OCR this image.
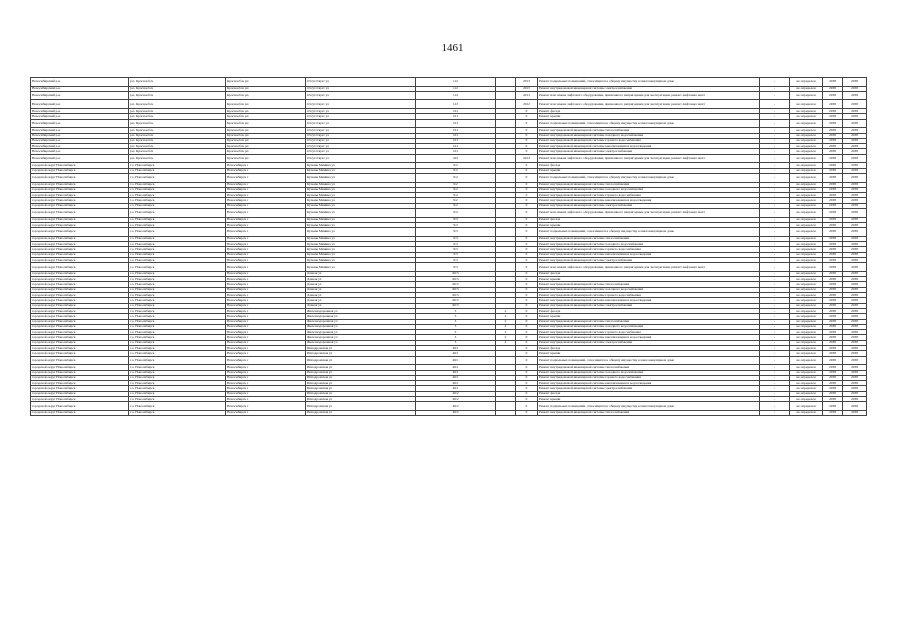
1461
Новосибирский р-н	р.п. Краснообск	Краснообск рп	Отсутствует ул	112		2013	Ремонт подвальных помещений, относящихся к общему имуществу в многоквартирном доме	-	не определен	2038	2038
Новосибирский р-н	р.п. Краснообск	Краснообск рп	Отсутствует ул	112		2013	Ремонт внутридомовой инженерной системы электроснабжения	-	не определен	2038	2038
Новосибирский р-н	р.п. Краснообск	Краснообск рп	Отсутствует ул	112		2013	Ремонт или замена лифтового оборудования, признанного непригодным для эксплуатации, ремонт лифтовых шахт	-	не определен	2038	2038
Новосибирский р-н	р.п. Краснообск	Краснообск рп	Отсутствует ул	113		2012	Ремонт или замена лифтового оборудования, признанного непригодным для эксплуатации, ремонт лифтовых шахт	-	не определен	2038	2038
Новосибирский р-н	р.п. Краснообск	Краснообск рп	Отсутствует ул	101		0	Ремонт фасада	-	не определен	2038	2038
Новосибирский р-н	р.п. Краснообск	Краснообск рп	Отсутствует ул	101		0	Ремонт крыши	-	не определен	2038	2038
Новосибирский р-н	р.п. Краснообск	Краснообск рп	Отсутствует ул	101		0	Ремонт подвальных помещений, относящихся к общему имуществу в многоквартирном доме	-	не определен	2038	2038
Новосибирский р-н	р.п. Краснообск	Краснообск рп	Отсутствует ул	101		0	Ремонт внутридомовой инженерной системы теплоснабжения	-	не определен	2038	2038
Новосибирский р-н	р.п. Краснообск	Краснообск рп	Отсутствует ул	101		0	Ремонт внутридомовой инженерной системы холодного водоснабжения	-	не определен	2038	2038
Новосибирский р-н	р.п. Краснообск	Краснообск рп	Отсутствует ул	101		0	Ремонт внутридомовой инженерной системы горячего водоснабжения	-	не определен	2038	2038
Новосибирский р-н	р.п. Краснообск	Краснообск рп	Отсутствует ул	101		0	Ремонт внутридомовой инженерной системы канализования и водоотведения	-	не определен	2038	2038
Новосибирский р-н	р.п. Краснообск	Краснообск рп	Отсутствует ул	101		0	Ремонт внутридомовой инженерной системы электроснабжения	-	не определен	2038	2038
Новосибирский р-н	р.п. Краснообск	Краснообск рп	Отсутствует ул	225		2012	Ремонт или замена лифтового оборудования, признанного непригодным для эксплуатации, ремонт лифтовых шахт	-	не определен	2038	2038
городской округ Новосибирск	г.о. Новосибирск	Новосибирск г	Кузьмы Минина ул	9/2		0	Ремонт фасада	-	не определен	2038	2038
городской округ Новосибирск	г.о. Новосибирск	Новосибирск г	Кузьмы Минина ул	9/2		0	Ремонт крыши	-	не определен	2038	2038
городской округ Новосибирск	г.о. Новосибирск	Новосибирск г	Кузьмы Минина ул	9/2		0	Ремонт подвальных помещений, относящихся к общему имуществу в многоквартирном доме	-	не определен	2038	2038
городской округ Новосибирск	г.о. Новосибирск	Новосибирск г	Кузьмы Минина ул	9/2		0	Ремонт внутридомовой инженерной системы теплоснабжения	-	не определен	2038	2038
городской округ Новосибирск	г.о. Новосибирск	Новосибирск г	Кузьмы Минина ул	9/2		0	Ремонт внутридомовой инженерной системы холодного водоснабжения	-	не определен	2038	2038
городской округ Новосибирск	г.о. Новосибирск	Новосибирск г	Кузьмы Минина ул	9/2		0	Ремонт внутридомовой инженерной системы горячего водоснабжения	-	не определен	2038	2038
городской округ Новосибирск	г.о. Новосибирск	Новосибирск г	Кузьмы Минина ул	9/2		0	Ремонт внутридомовой инженерной системы канализования и водоотведения	-	не определен	2038	2038
городской округ Новосибирск	г.о. Новосибирск	Новосибирск г	Кузьмы Минина ул	9/2		0	Ремонт внутридомовой инженерной системы электроснабжения	-	не определен	2038	2038
городской округ Новосибирск	г.о. Новосибирск	Новосибирск г	Кузьмы Минина ул	9/2		0	Ремонт или замена лифтового оборудования, признанного непригодным для эксплуатации, ремонт лифтовых шахт	-	не определен	2038	2038
городской округ Новосибирск	г.о. Новосибирск	Новосибирск г	Кузьмы Минина ул	9/3		0	Ремонт фасада	-	не определен	2038	2038
городской округ Новосибирск	г.о. Новосибирск	Новосибирск г	Кузьмы Минина ул	9/3		0	Ремонт крыши	-	не определен	2038	2038
городской округ Новосибирск	г.о. Новосибирск	Новосибирск г	Кузьмы Минина ул	9/3		0	Ремонт подвальных помещений, относящихся к общему имуществу в многоквартирном доме	-	не определен	2038	2038
городской округ Новосибирск	г.о. Новосибирск	Новосибирск г	Кузьмы Минина ул	9/3		0	Ремонт внутридомовой инженерной системы теплоснабжения	-	не определен	2038	2038
городской округ Новосибирск	г.о. Новосибирск	Новосибирск г	Кузьмы Минина ул	9/3		0	Ремонт внутридомовой инженерной системы холодного водоснабжения	-	не определен	2038	2038
городской округ Новосибирск	г.о. Новосибирск	Новосибирск г	Кузьмы Минина ул	9/3		0	Ремонт внутридомовой инженерной системы горячего водоснабжения	-	не определен	2038	2038
городской округ Новосибирск	г.о. Новосибирск	Новосибирск г	Кузьмы Минина ул	9/3		0	Ремонт внутридомовой инженерной системы канализования и водоотведения	-	не определен	2038	2038
городской округ Новосибирск	г.о. Новосибирск	Новосибирск г	Кузьмы Минина ул	9/3		0	Ремонт внутридомовой инженерной системы электроснабжения	-	не определен	2038	2038
городской округ Новосибирск	г.о. Новосибирск	Новосибирск г	Кузьмы Минина ул	9/3		0	Ремонт или замена лифтового оборудования, признанного непригодным для эксплуатации, ремонт лифтовых шахт	-	не определен	2038	2038
городской округ Новосибирск	г.о. Новосибирск	Новосибирск г	Дачная ул	66/3		0	Ремонт фасада	-	не определен	2038	2038
городской округ Новосибирск	г.о. Новосибирск	Новосибирск г	Дачная ул	66/3		0	Ремонт крыши	-	не определен	2038	2038
городской округ Новосибирск	г.о. Новосибирск	Новосибирск г	Дачная ул	66/3		0	Ремонт внутридомовой инженерной системы теплоснабжения	-	не определен	2038	2038
городской округ Новосибирск	г.о. Новосибирск	Новосибирск г	Дачная ул	66/3		0	Ремонт внутридомовой инженерной системы холодного водоснабжения	-	не определен	2038	2038
городской округ Новосибирск	г.о. Новосибирск	Новосибирск г	Дачная ул	66/3		0	Ремонт внутридомовой инженерной системы горячего водоснабжения	-	не определен	2038	2038
городской округ Новосибирск	г.о. Новосибирск	Новосибирск г	Дачная ул	66/3		0	Ремонт внутридомовой инженерной системы канализования и водоотведения	-	не определен	2038	2038
городской округ Новосибирск	г.о. Новосибирск	Новосибирск г	Дачная ул	66/3		0	Ремонт внутридомовой инженерной системы электроснабжения	-	не определен	2038	2038
городской округ Новосибирск	г.о. Новосибирск	Новосибирск г	Железнодорожная ул	3	2	0	Ремонт фасада	-	не определен	2038	2038
городской округ Новосибирск	г.о. Новосибирск	Новосибирск г	Железнодорожная ул	3	2	0	Ремонт крыши	-	не определен	2038	2038
городской округ Новосибирск	г.о. Новосибирск	Новосибирск г	Железнодорожная ул	3	2	0	Ремонт внутридомовой инженерной системы теплоснабжения	-	не определен	2038	2038
городской округ Новосибирск	г.о. Новосибирск	Новосибирск г	Железнодорожная ул	3	2	0	Ремонт внутридомовой инженерной системы холодного водоснабжения	-	не определен	2038	2038
городской округ Новосибирск	г.о. Новосибирск	Новосибирск г	Железнодорожная ул	3	2	0	Ремонт внутридомовой инженерной системы горячего водоснабжения	-	не определен	2038	2038
городской округ Новосибирск	г.о. Новосибирск	Новосибирск г	Железнодорожная ул	3	2	0	Ремонт внутридомовой инженерной системы канализования и водоотведения	-	не определен	2038	2038
городской округ Новосибирск	г.о. Новосибирск	Новосибирск г	Железнодорожная ул	3	2	0	Ремонт внутридомовой инженерной системы электроснабжения	-	не определен	2038	2038
городской округ Новосибирск	г.о. Новосибирск	Новосибирск г	Ипподромская ул	49/1		0	Ремонт фасада	-	не определен	2038	2038
городской округ Новосибирск	г.о. Новосибирск	Новосибирск г	Ипподромская ул	49/1		0	Ремонт крыши	-	не определен	2038	2038
городской округ Новосибирск	г.о. Новосибирск	Новосибирск г	Ипподромская ул	49/1		0	Ремонт подвальных помещений, относящихся к общему имуществу в многоквартирном доме	-	не определен	2038	2038
городской округ Новосибирск	г.о. Новосибирск	Новосибирск г	Ипподромская ул	49/1		0	Ремонт внутридомовой инженерной системы теплоснабжения	-	не определен	2038	2038
городской округ Новосибирск	г.о. Новосибирск	Новосибирск г	Ипподромская ул	49/1		0	Ремонт внутридомовой инженерной системы холодного водоснабжения	-	не определен	2038	2038
городской округ Новосибирск	г.о. Новосибирск	Новосибирск г	Ипподромская ул	49/1		0	Ремонт внутридомовой инженерной системы горячего водоснабжения	-	не определен	2038	2038
городской округ Новосибирск	г.о. Новосибирск	Новосибирск г	Ипподромская ул	49/1		0	Ремонт внутридомовой инженерной системы канализования и водоотведения	-	не определен	2038	2038
городской округ Новосибирск	г.о. Новосибирск	Новосибирск г	Ипподромская ул	49/1		0	Ремонт внутридомовой инженерной системы электроснабжения	-	не определен	2038	2038
городской округ Новосибирск	г.о. Новосибирск	Новосибирск г	Ипподромская ул	49/2		0	Ремонт фасада	-	не определен	2038	2038
городской округ Новосибирск	г.о. Новосибирск	Новосибирск г	Ипподромская ул	49/2		0	Ремонт крыши	-	не определен	2038	2038
городской округ Новосибирск	г.о. Новосибирск	Новосибирск г	Ипподромская ул	49/2		0	Ремонт подвальных помещений, относящихся к общему имуществу в многоквартирном доме	-	не определен	2038	2038
городской округ Новосибирск	г.о. Новосибирск	Новосибирск г	Ипподромская ул	49/2		0	Ремонт внутридомовой инженерной системы теплоснабжения	-	не определен	2038	2038
